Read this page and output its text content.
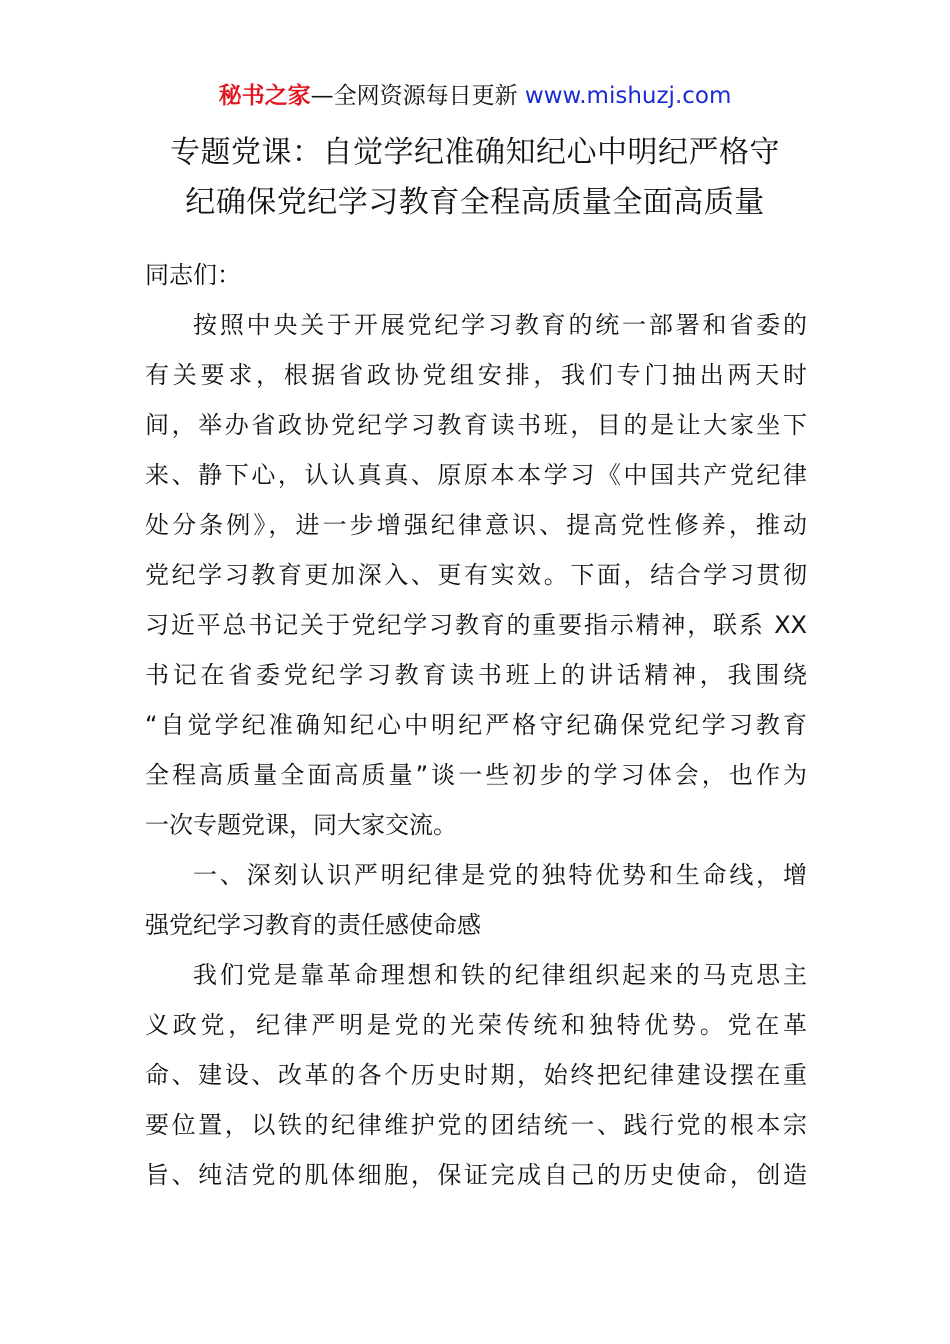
秘书之家—全网资源每日更新 www.mishuzj.com
专题党课：自觉学纪准确知纪心中明纪严格守
纪确保党纪学习教育全程高质量全面高质量
同志们：
按照中央关于开展党纪学习教育的统一部署和省委的
有关要求，根据省政协党组安排，我们专门抽出两天时
间，举办省政协党纪学习教育读书班，目的是让大家坐下
来、静下心，认认真真、原原本本学习《中国共产党纪律
处分条例》，进一步增强纪律意识、提高党性修养，推动
党纪学习教育更加深入、更有实效。下面，结合学习贯彻
习近平总书记关于党纪学习教育的重要指示精神，联系 XX
书记在省委党纪学习教育读书班上的讲话精神，我围绕
“自觉学纪准确知纪心中明纪严格守纪确保党纪学习教育
全程高质量全面高质量”谈一些初步的学习体会，也作为
一次专题党课，同大家交流。
一、深刻认识严明纪律是党的独特优势和生命线，增
强党纪学习教育的责任感使命感
我们党是靠革命理想和铁的纪律组织起来的马克思主
义政党，纪律严明是党的光荣传统和独特优势。党在革
命、建设、改革的各个历史时期，始终把纪律建设摆在重
要位置，以铁的纪律维护党的团结统一、践行党的根本宗
旨、纯洁党的肌体细胞，保证完成自己的历史使命，创造
